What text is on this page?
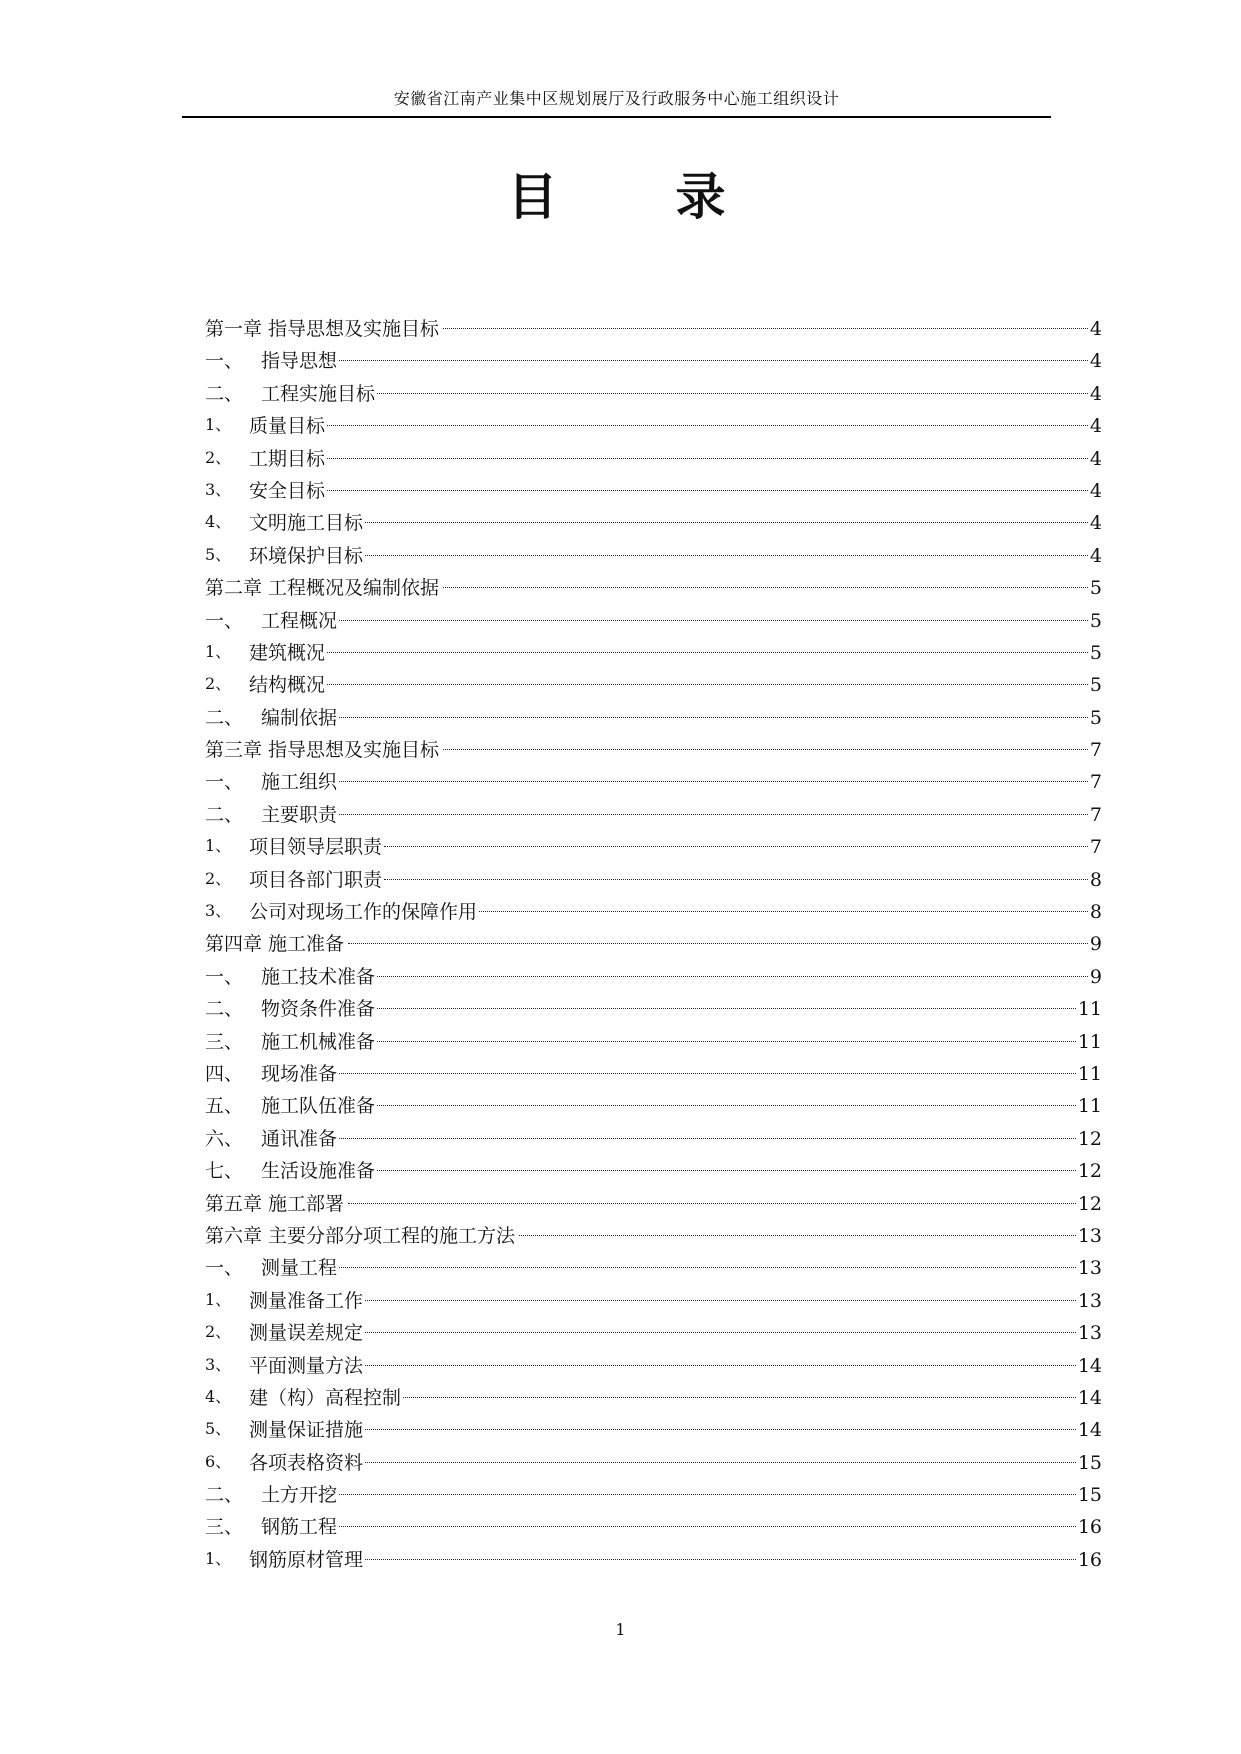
安徽省江南产业集中区规划展厅及行政服务中心施工组织设计
目 录
第一章 指导思想及实施目标	4
一、 指导思想	4
二、 工程实施目标	4
1、 质量目标	4
2、 工期目标	4
3、 安全目标	4
4、 文明施工目标	4
5、 环境保护目标	4
第二章 工程概况及编制依据	5
一、 工程概况	5
1、 建筑概况	5
2、 结构概况	5
二、 编制依据	5
第三章 指导思想及实施目标	7
一、 施工组织	7
二、 主要职责	7
1、 项目领导层职责	7
2、 项目各部门职责	8
3、 公司对现场工作的保障作用	8
第四章 施工准备	9
一、 施工技术准备	9
二、 物资条件准备	11
三、 施工机械准备	11
四、 现场准备	11
五、 施工队伍准备	11
六、 通讯准备	12
七、 生活设施准备	12
第五章 施工部署	12
第六章 主要分部分项工程的施工方法	13
一、 测量工程	13
1、 测量准备工作	13
2、 测量误差规定	13
3、 平面测量方法	14
4、 建（构）高程控制	14
5、 测量保证措施	14
6、 各项表格资料	15
二、 土方开挖	15
三、 钢筋工程	16
1、 钢筋原材管理	16
1
